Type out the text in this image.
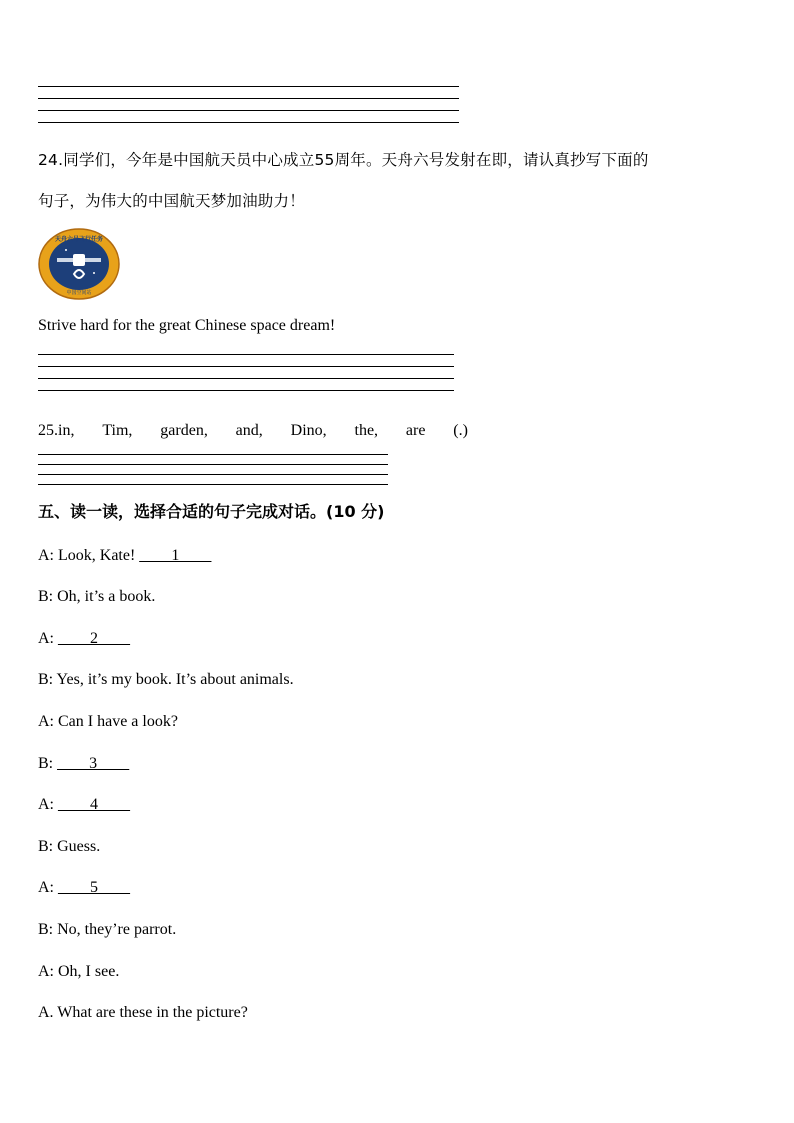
24.同学们，今年是中国航天员中心成立55周年。天舟六号发射在即，请认真抄写下面的
句子，为伟大的中国航天梦加油助力！
天舟六号飞行任务
中国空间站
Strive hard for the great Chinese space dream!
25.in, Tim, garden, and, Dino, the, are (.)
五、读一读，选择合适的句子完成对话。(10 分)
A: Look, Kate! ____1____
B: Oh, it’s a book.
A: ____2____
B: Yes, it’s my book. It’s about animals.
A: Can I have a look?
B: ____3____
A: ____4____
B: Guess.
A: ____5____
B: No, they’re parrot.
A: Oh, I see.
A. What are these in the picture?
